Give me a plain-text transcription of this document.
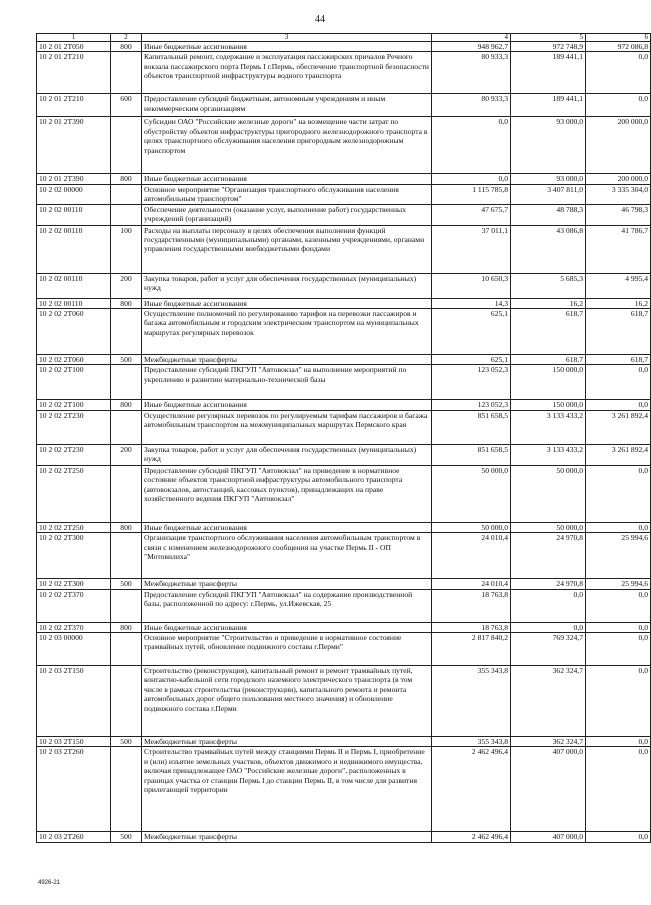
44
1	2	3	4	5	6
10 2 01 2Т050	800	Иные бюджетные ассигнования	948 962,7	972 748,9	972 086,8
10 2 01 2Т210		Капитальный ремонт, содержание и эксплуатация пассажирских причалов Речного вокзала пассажирского порта Пермь I г.Пермь, обеспечение транспортной безопасности объектов транспортной инфраструктуры водного транспорта	80 933,3	189 441,1	0,0
10 2 01 2Т210	600	Предоставление субсидий бюджетным, автономным учреждениям и иным некоммерческим организациям	80 933,3	189 441,1	0,0
10 2 01 2Т390		Субсидии ОАО "Российские железные дороги" на возмещение части затрат по обустройству объектов инфраструктуры пригородного железнодорожного транспорта в целях транспортного обслуживания населения пригородным железнодорожным транспортом	0,0	93 000,0	200 000,0
10 2 01 2Т390	800	Иные бюджетные ассигнования	0,0	93 000,0	200 000,0
10 2 02 00000		Основное мероприятие "Организация транспортного обслуживания населения автомобильным транспортом"	1 115 785,8	3 407 811,0	3 335 304,0
10 2 02 00110		Обеспечение деятельности (оказание услуг, выполнение работ) государственных учреждений (организаций)	47 675,7	48 788,3	46 798,3
10 2 02 00110	100	Расходы на выплаты персоналу в целях обеспечения выполнения функций государственными (муниципальными) органами, казенными учреждениями, органами управления государственными внебюджетными фондами	37 011,1	43 086,8	41 786,7
10 2 02 00110	200	Закупка товаров, работ и услуг для обеспечения государственных (муниципальных) нужд	10 650,3	5 685,3	4 995,4
10 2 02 00110	800	Иные бюджетные ассигнования	14,3	16,2	16,2
10 2 02 2Т060		Осуществление полномочий по регулированию тарифов на перевозки пассажиров и багажа автомобильным и городским электрическим транспортом на муниципальных маршрутах регулярных перевозок	625,1	618,7	618,7
10 2 02 2Т060	500	Межбюджетные трансферты	625,1	618,7	618,7
10 2 02 2Т100		Предоставление субсидий ПКГУП "Автовокзал" на выполнение мероприятий по укреплению и развитию материально-технической базы	123 052,3	150 000,0	0,0
10 2 02 2Т100	800	Иные бюджетные ассигнования	123 052,3	150 000,0	0,0
10 2 02 2Т230		Осуществление регулярных перевозок по регулируемым тарифам пассажиров и багажа автомобильным транспортом на межмуниципальных маршрутах Пермского края	851 658,5	3 133 433,2	3 261 892,4
10 2 02 2Т230	200	Закупка товаров, работ и услуг для обеспечения государственных (муниципальных) нужд	851 658,5	3 133 433,2	3 261 892,4
10 2 02 2Т250		Предоставление субсидий ПКГУП "Автовокзал" на приведение в нормативное состояние объектов транспортной инфраструктуры автомобильного транспорта (автовокзалов, автостанций, кассовых пунктов), принадлежащих на праве хозяйственного ведения ПКГУП "Автовокзал"	50 000,0	50 000,0	0,0
10 2 02 2Т250	800	Иные бюджетные ассигнования	50 000,0	50 000,0	0,0
10 2 02 2Т300		Организация транспортного обслуживания населения автомобильным транспортом в связи с изменением железнодорожного сообщения на участке Пермь II - ОП "Мотовилиха"	24 010,4	24 970,8	25 994,6
10 2 02 2Т300	500	Межбюджетные трансферты	24 010,4	24 970,8	25 994,6
10 2 02 2Т370		Предоставление субсидий ПКГУП "Автовокзал" на содержание производственной базы, расположенной по адресу: г.Пермь, ул.Ижевская, 25	18 763,8	0,0	0,0
10 2 02 2Т370	800	Иные бюджетные ассигнования	18 763,8	0,0	0,0
10 2 03 00000		Основное мероприятие "Строительство и приведение в нормативное состояние трамвайных путей, обновление подвижного состава г.Перми"	2 817 840,2	769 324,7	0,0
10 2 03 2Т150		Строительство (реконструкция), капитальный ремонт и ремонт трамвайных путей, контактно-кабельной сети городского наземного электрического транспорта (в том числе в рамках строительства (реконструкции), капитального ремонта и ремонта автомобильных дорог общего пользования местного значения) и обновление подвижного состава г.Перми	355 343,8	362 324,7	0,0
10 2 03 2Т150	500	Межбюджетные трансферты	355 343,8	362 324,7	0,0
10 2 03 2Т260		Строительство трамвайных путей между станциями Пермь II и Пермь I, приобретение и (или) изъятие земельных участков, объектов движимого и недвижимого имущества, включая принадлежащее ОАО "Российские железные дороги", расположенных в границах участка от станции Пермь I до станции Пермь II, в том числе для развития прилегающей территории	2 462 496,4	407 000,0	0,0
10 2 03 2Т260	500	Межбюджетные трансферты	2 462 496,4	407 000,0	0,0
4926-21
